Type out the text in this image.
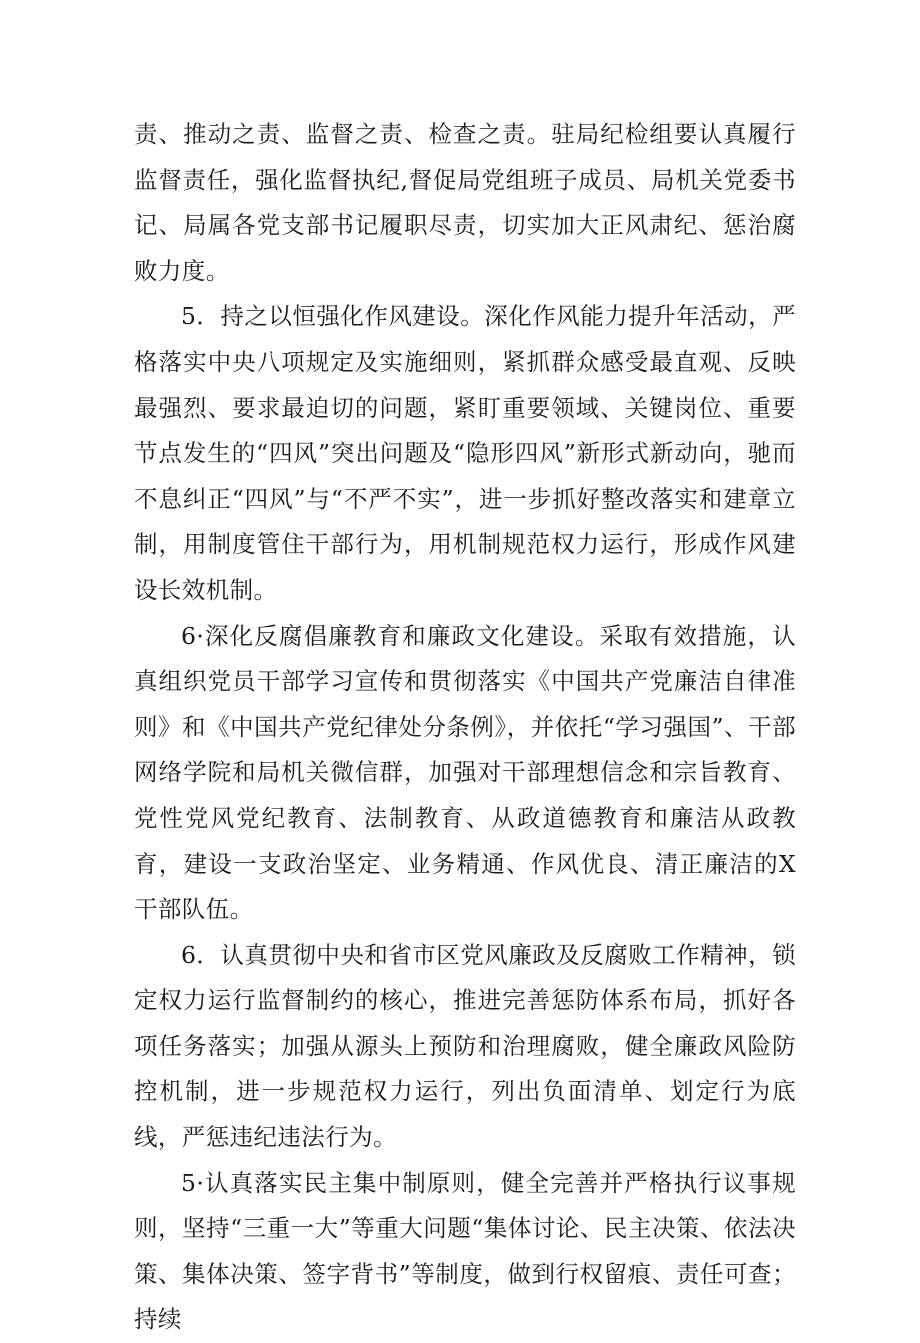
责、推动之责、监督之责、检查之责。驻局纪检组要认真履行监督责任，强化监督执纪,督促局党组班子成员、局机关党委书记、局属各党支部书记履职尽责，切实加大正风肃纪、惩治腐败力度。

5．持之以恒强化作风建设。深化作风能力提升年活动，严格落实中央八项规定及实施细则，紧抓群众感受最直观、反映最强烈、要求最迫切的问题，紧盯重要领域、关键岗位、重要节点发生的“四风”突出问题及“隐形四风”新形式新动向，驰而不息纠正“四风”与“不严不实”，进一步抓好整改落实和建章立制，用制度管住干部行为，用机制规范权力运行，形成作风建设长效机制。

6·深化反腐倡廉教育和廉政文化建设。采取有效措施，认真组织党员干部学习宣传和贯彻落实《中国共产党廉洁自律准则》和《中国共产党纪律处分条例》，并依托“学习强国”、干部网络学院和局机关微信群，加强对干部理想信念和宗旨教育、党性党风党纪教育、法制教育、从政道德教育和廉洁从政教育，建设一支政治坚定、业务精通、作风优良、清正廉洁的X干部队伍。

6．认真贯彻中央和省市区党风廉政及反腐败工作精神，锁定权力运行监督制约的核心，推进完善惩防体系布局，抓好各项任务落实；加强从源头上预防和治理腐败，健全廉政风险防控机制，进一步规范权力运行，列出负面清单、划定行为底线，严惩违纪违法行为。

5·认真落实民主集中制原则，健全完善并严格执行议事规则，坚持“三重一大”等重大问题“集体讨论、民主决策、依法决策、集体决策、签字背书”等制度，做到行权留痕、责任可查；持续
